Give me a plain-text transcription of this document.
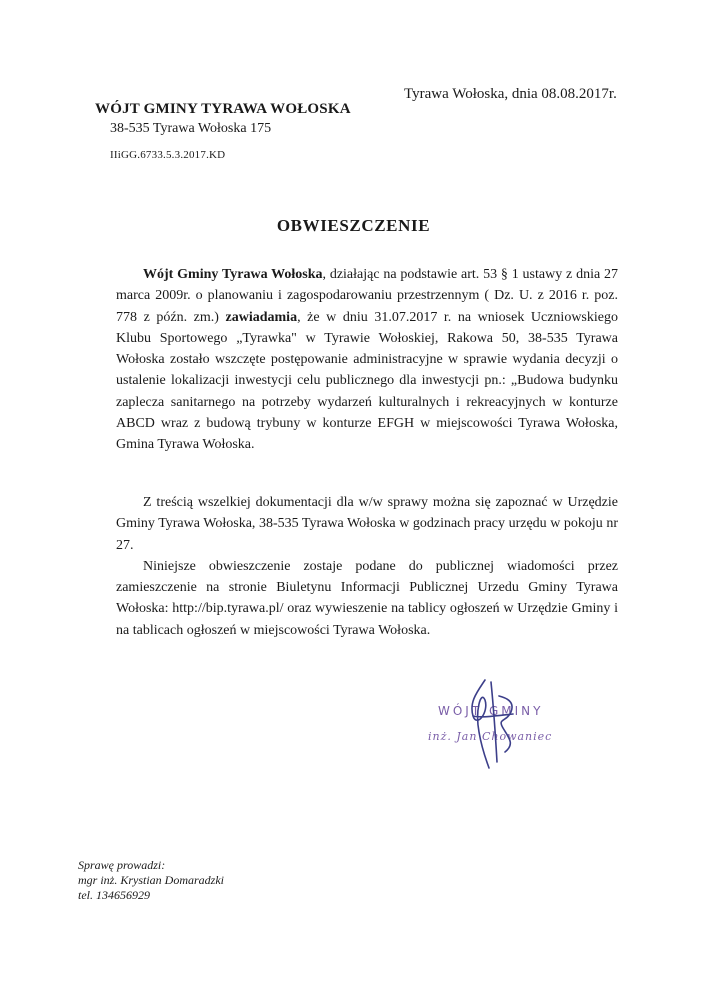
Tyrawa Wołoska, dnia 08.08.2017r.
WÓJT GMINY TYRAWA WOŁOSKA
38-535 Tyrawa Wołoska 175
IIiGG.6733.5.3.2017.KD
OBWIESZCZENIE
Wójt Gminy Tyrawa Wołoska, działając na podstawie art. 53 § 1 ustawy z dnia 27 marca 2009r. o planowaniu i zagospodarowaniu przestrzennym ( Dz. U. z 2016 r. poz. 778 z późn. zm.) zawiadamia, że w dniu 31.07.2017 r. na wniosek Uczniowskiego Klubu Sportowego „Tyrawka" w Tyrawie Wołoskiej, Rakowa 50, 38-535 Tyrawa Wołoska zostało wszczęte postępowanie administracyjne w sprawie wydania decyzji o ustalenie lokalizacji inwestycji celu publicznego dla inwestycji pn.: „Budowa budynku zaplecza sanitarnego na potrzeby wydarzeń kulturalnych i rekreacyjnych w konturze ABCD wraz z budową trybuny w konturze EFGH w miejscowości Tyrawa Wołoska, Gmina Tyrawa Wołoska.
Z treścią wszelkiej dokumentacji dla w/w sprawy można się zapoznać w Urzędzie Gminy Tyrawa Wołoska, 38-535 Tyrawa Wołoska w godzinach pracy urzędu w pokoju nr 27.
Niniejsze obwieszczenie zostaje podane do publicznej wiadomości przez zamieszczenie na stronie Biuletynu Informacji Publicznej Urzedu Gminy Tyrawa Wołoska: http://bip.tyrawa.pl/ oraz wywieszenie na tablicy ogłoszeń w Urzędzie Gminy i na tablicach ogłoszeń w miejscowości Tyrawa Wołoska.
WÓJT GMINY
inż. Jan Chowaniec
Sprawę prowadzi:
mgr inż. Krystian Domaradzki
tel. 134656929
